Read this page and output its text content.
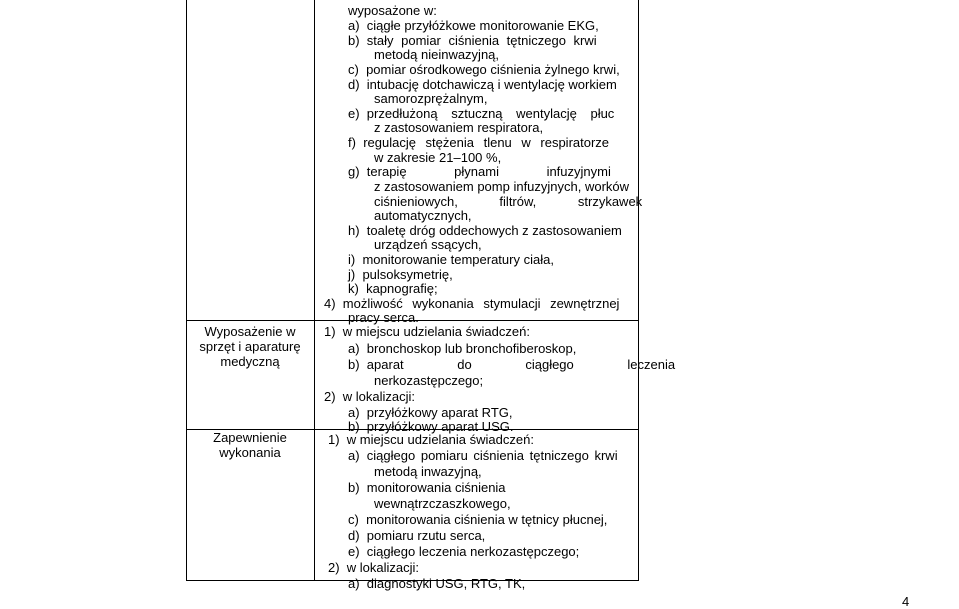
Wyposażenie w
sprzęt i aparaturę
medyczną
Zapewnienie
wykonania
wyposażone w:
a) ciągłe przyłóżkowe monitorowanie EKG,
b) stały pomiar ciśnienia tętniczego krwi
metodą nieinwazyjną,
c) pomiar ośrodkowego ciśnienia żylnego krwi,
d) intubację dotchawiczą i wentylację workiem
samorozprężalnym,
e) przedłużoną sztuczną wentylację płuc
z zastosowaniem respiratora,
f) regulację stężenia tlenu w respiratorze
w zakresie 21–100 %,
g) terapię płynami infuzyjnymi
z zastosowaniem pomp infuzyjnych, worków
ciśnieniowych, filtrów, strzykawek
automatycznych,
h) toaletę dróg oddechowych z zastosowaniem
urządzeń ssących,
i) monitorowanie temperatury ciała,
j) pulsoksymetrię,
k) kapnografię;
4) możliwość wykonania stymulacji zewnętrznej
pracy serca.
1) w miejscu udzielania świadczeń:
a) bronchoskop lub bronchofiberoskop,
b) aparat do ciągłego leczenia
nerkozastępczego;
2) w lokalizacji:
a) przyłóżkowy aparat RTG,
b) przyłóżkowy aparat USG.
1) w miejscu udzielania świadczeń:
a) ciągłego pomiaru ciśnienia tętniczego krwi
metodą inwazyjną,
b) monitorowania ciśnienia
wewnątrzczaszkowego,
c) monitorowania ciśnienia w tętnicy płucnej,
d) pomiaru rzutu serca,
e) ciągłego leczenia nerkozastępczego;
2) w lokalizacji:
a) diagnostyki USG, RTG, TK,
4
